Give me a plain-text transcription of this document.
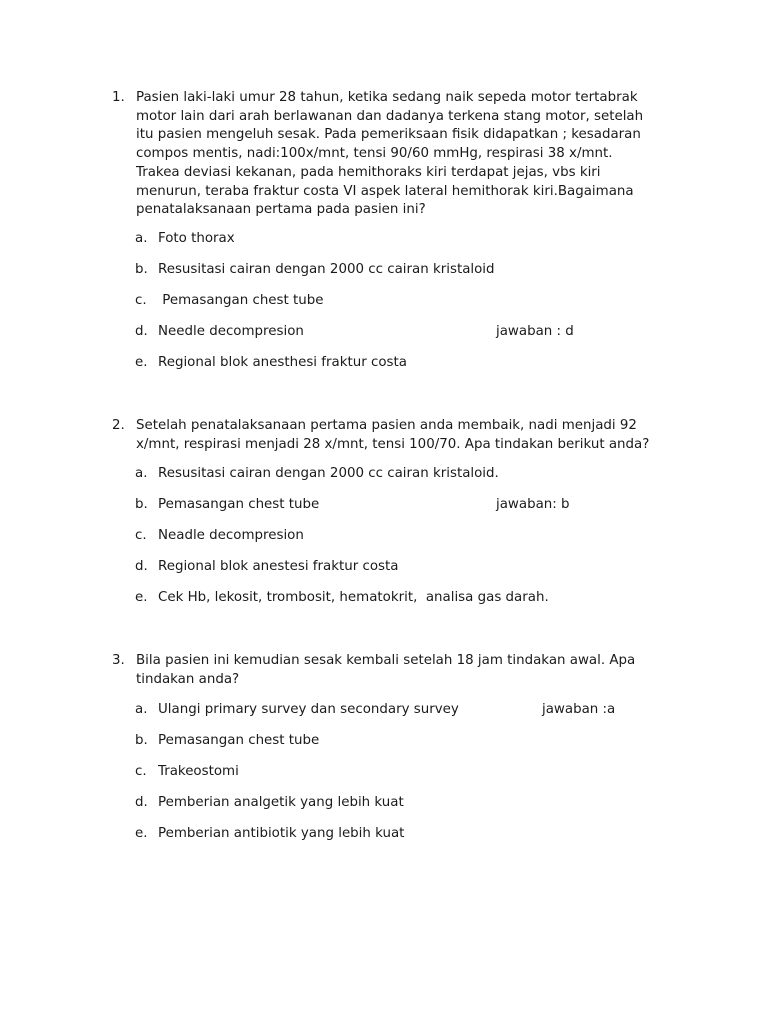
1. Pasien laki-laki umur 28 tahun, ketika sedang naik sepeda motor tertabrak
motor lain dari arah berlawanan dan dadanya terkena stang motor, setelah
itu pasien mengeluh sesak. Pada pemeriksaan fisik didapatkan ; kesadaran
compos mentis, nadi:100x/mnt, tensi 90/60 mmHg, respirasi 38 x/mnt.
Trakea deviasi kekanan, pada hemithoraks kiri terdapat jejas, vbs kiri
menurun, teraba fraktur costa VI aspek lateral hemithorak kiri.Bagaimana
penatalaksanaan pertama pada pasien ini?
a. Foto thorax
b. Resusitasi cairan dengan 2000 cc cairan kristaloid
c. Pemasangan chest tube
d. Needle decompresion	jawaban : d
e. Regional blok anesthesi fraktur costa
2. Setelah penatalaksanaan pertama pasien anda membaik, nadi menjadi 92
x/mnt, respirasi menjadi 28 x/mnt, tensi 100/70. Apa tindakan berikut anda?
a. Resusitasi cairan dengan 2000 cc cairan kristaloid.
b. Pemasangan chest tube	jawaban: b
c. Neadle decompresion
d. Regional blok anestesi fraktur costa
e. Cek Hb, lekosit, trombosit, hematokrit,  analisa gas darah.
3. Bila pasien ini kemudian sesak kembali setelah 18 jam tindakan awal. Apa
tindakan anda?
a. Ulangi primary survey dan secondary survey	jawaban :a
b. Pemasangan chest tube
c. Trakeostomi
d. Pemberian analgetik yang lebih kuat
e. Pemberian antibiotik yang lebih kuat
